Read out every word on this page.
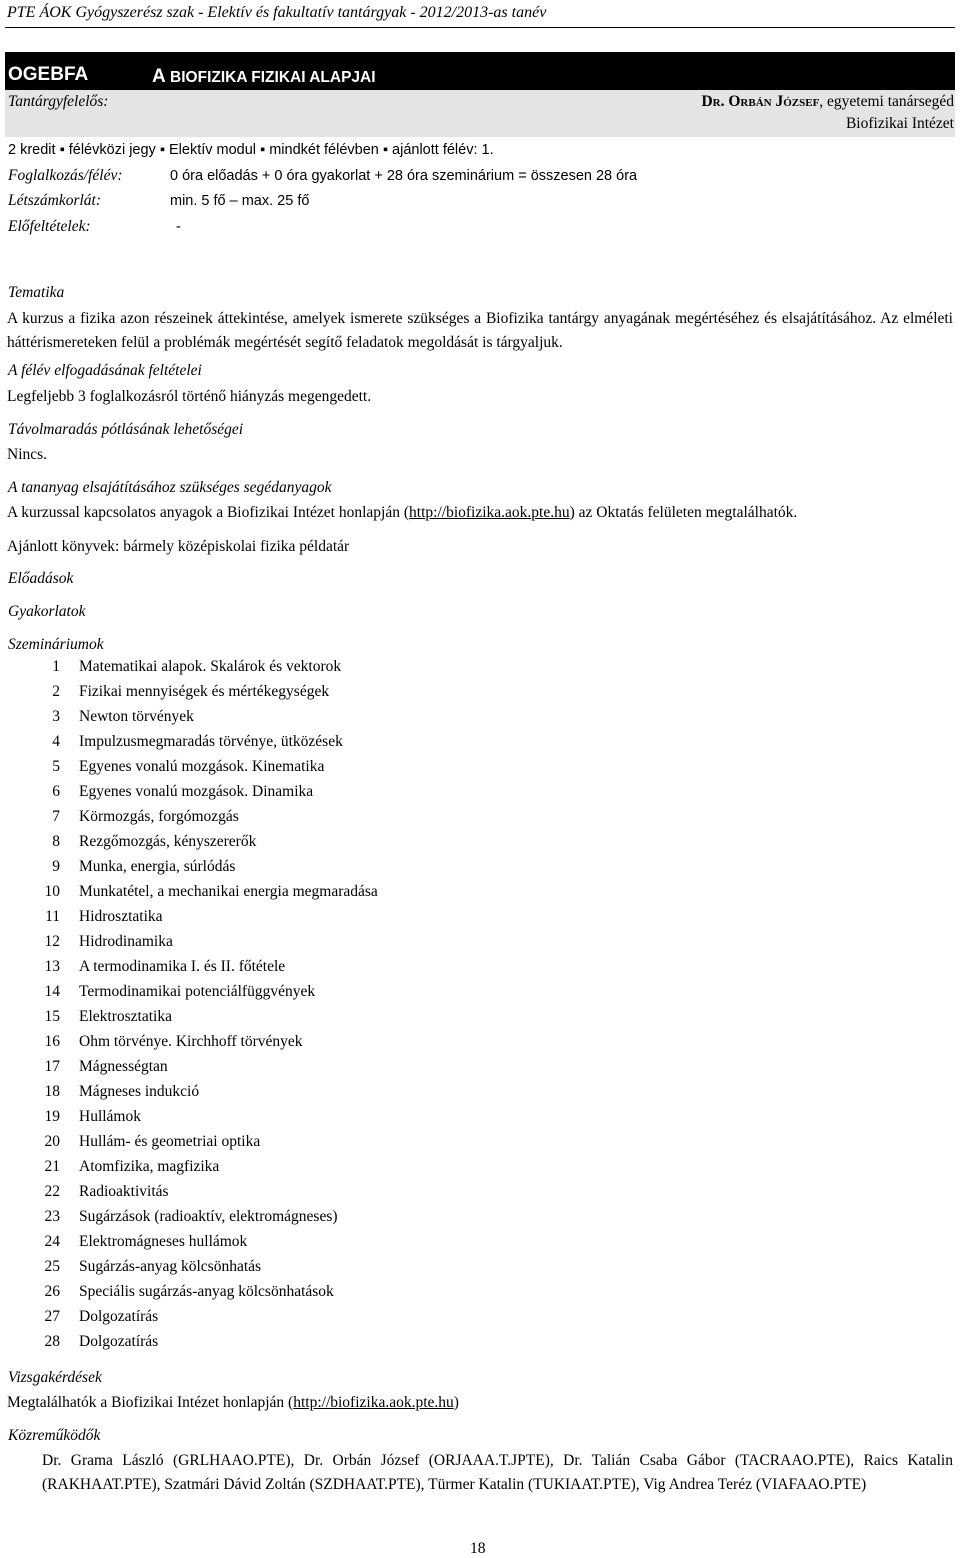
PTE ÁOK Gyógyszerész szak - Elektív és fakultatív tantárgyak - 2012/2013-as tanév
OGEBFA	A BIOFIZIKA FIZIKAI ALAPJAI
Tantárgyfelelős:	Dr. Orbán József, egyetemi tanársegéd
Biofizikai Intézet
2 kredit ▪ félévközi jegy ▪ Elektív modul ▪ mindkét félévben ▪ ajánlott félév: 1.
Foglalkozás/félév:	0 óra előadás + 0 óra gyakorlat + 28 óra szeminárium = összesen 28 óra
Létszámkorlát:	min. 5 fő – max. 25 fő
Előfeltételek:	-
Tematika
A kurzus a fizika azon részeinek áttekintése, amelyek ismerete szükséges a Biofizika tantárgy anyagának megértéséhez és elsajátításához. Az elméleti háttérismereteken felül a problémák megértését segítő feladatok megoldását is tárgyaljuk.
A félév elfogadásának feltételei
Legfeljebb 3 foglalkozásról történő hiányzás megengedett.
Távolmaradás pótlásának lehetőségei
Nincs.
A tananyag elsajátításához szükséges segédanyagok
A kurzussal kapcsolatos anyagok a Biofizikai Intézet honlapján (http://biofizika.aok.pte.hu) az Oktatás felületen megtalálhatók.
Ajánlott könyvek: bármely középiskolai fizika példatár
Előadások
Gyakorlatok
Szemináriumok
1 Matematikai alapok. Skalárok és vektorok
2 Fizikai mennyiségek és mértékegységek
3 Newton törvények
4 Impulzusmegmaradás törvénye, ütközések
5 Egyenes vonalú mozgások. Kinematika
6 Egyenes vonalú mozgások. Dinamika
7 Körmozgás, forgómozgás
8 Rezgőmozgás, kényszererők
9 Munka, energia, súrlódás
10 Munkatétel, a mechanikai energia megmaradása
11 Hidrosztatika
12 Hidrodinamika
13 A termodinamika I. és II. főtétele
14 Termodinamikai potenciálfüggvények
15 Elektrosztatika
16 Ohm törvénye. Kirchhoff törvények
17 Mágnességtan
18 Mágneses indukció
19 Hullámok
20 Hullám- és geometriai optika
21 Atomfizika, magfizika
22 Radioaktivitás
23 Sugárzások (radioaktív, elektromágneses)
24 Elektromágneses hullámok
25 Sugárzás-anyag kölcsönhatás
26 Speciális sugárzás-anyag kölcsönhatások
27 Dolgozatírás
28 Dolgozatírás
Vizsgakérdések
Megtalálhatók a Biofizikai Intézet honlapján (http://biofizika.aok.pte.hu)
Közreműködők
Dr. Grama László (GRLHAAO.PTE), Dr. Orbán József (ORJAAA.T.JPTE), Dr. Talián Csaba Gábor (TACRAAO.PTE), Raics Katalin (RAKHAAT.PTE), Szatmári Dávid Zoltán (SZDHAAT.PTE), Türmer Katalin (TUKIAAT.PTE), Vig Andrea Teréz (VIAFAAO.PTE)
18
